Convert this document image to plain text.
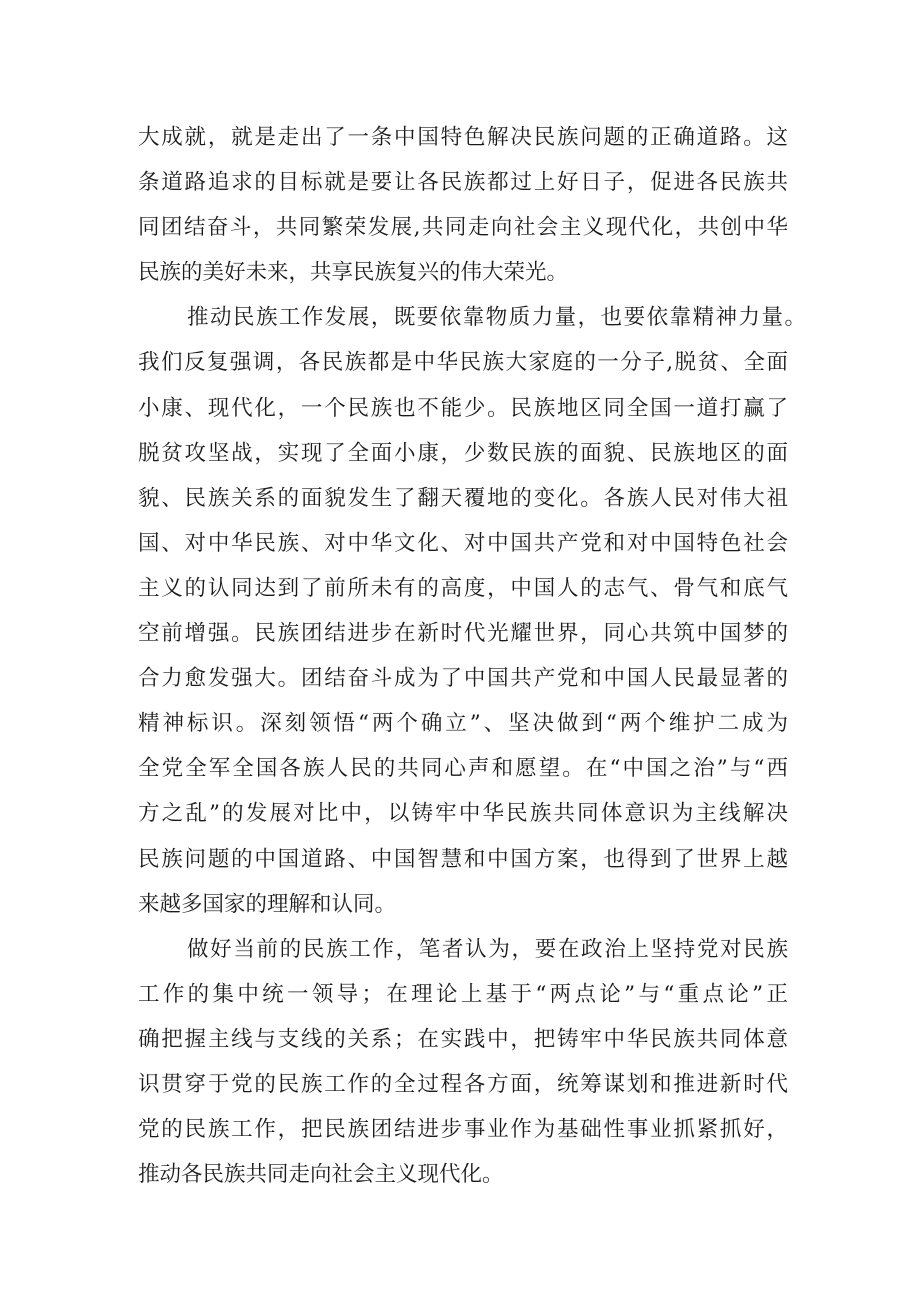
大成就，就是走出了一条中国特色解决民族问题的正确道路。这
条道路追求的目标就是要让各民族都过上好日子，促进各民族共
同团结奋斗，共同繁荣发展,共同走向社会主义现代化，共创中华
民族的美好未来，共享民族复兴的伟大荣光。
推动民族工作发展，既要依靠物质力量，也要依靠精神力量。
我们反复强调，各民族都是中华民族大家庭的一分子,脱贫、全面
小康、现代化，一个民族也不能少。民族地区同全国一道打赢了
脱贫攻坚战，实现了全面小康，少数民族的面貌、民族地区的面
貌、民族关系的面貌发生了翻天覆地的变化。各族人民对伟大祖
国、对中华民族、对中华文化、对中国共产党和对中国特色社会
主义的认同达到了前所未有的高度，中国人的志气、骨气和底气
空前增强。民族团结进步在新时代光耀世界，同心共筑中国梦的
合力愈发强大。团结奋斗成为了中国共产党和中国人民最显著的
精神标识。深刻领悟“两个确立”、坚决做到“两个维护二成为
全党全军全国各族人民的共同心声和愿望。在“中国之治”与“西
方之乱”的发展对比中，以铸牢中华民族共同体意识为主线解决
民族问题的中国道路、中国智慧和中国方案，也得到了世界上越
来越多国家的理解和认同。
做好当前的民族工作，笔者认为，要在政治上坚持党对民族
工作的集中统一领导；在理论上基于“两点论”与“重点论”正
确把握主线与支线的关系；在实践中，把铸牢中华民族共同体意
识贯穿于党的民族工作的全过程各方面，统筹谋划和推进新时代
党的民族工作，把民族团结进步事业作为基础性事业抓紧抓好，
推动各民族共同走向社会主义现代化。
